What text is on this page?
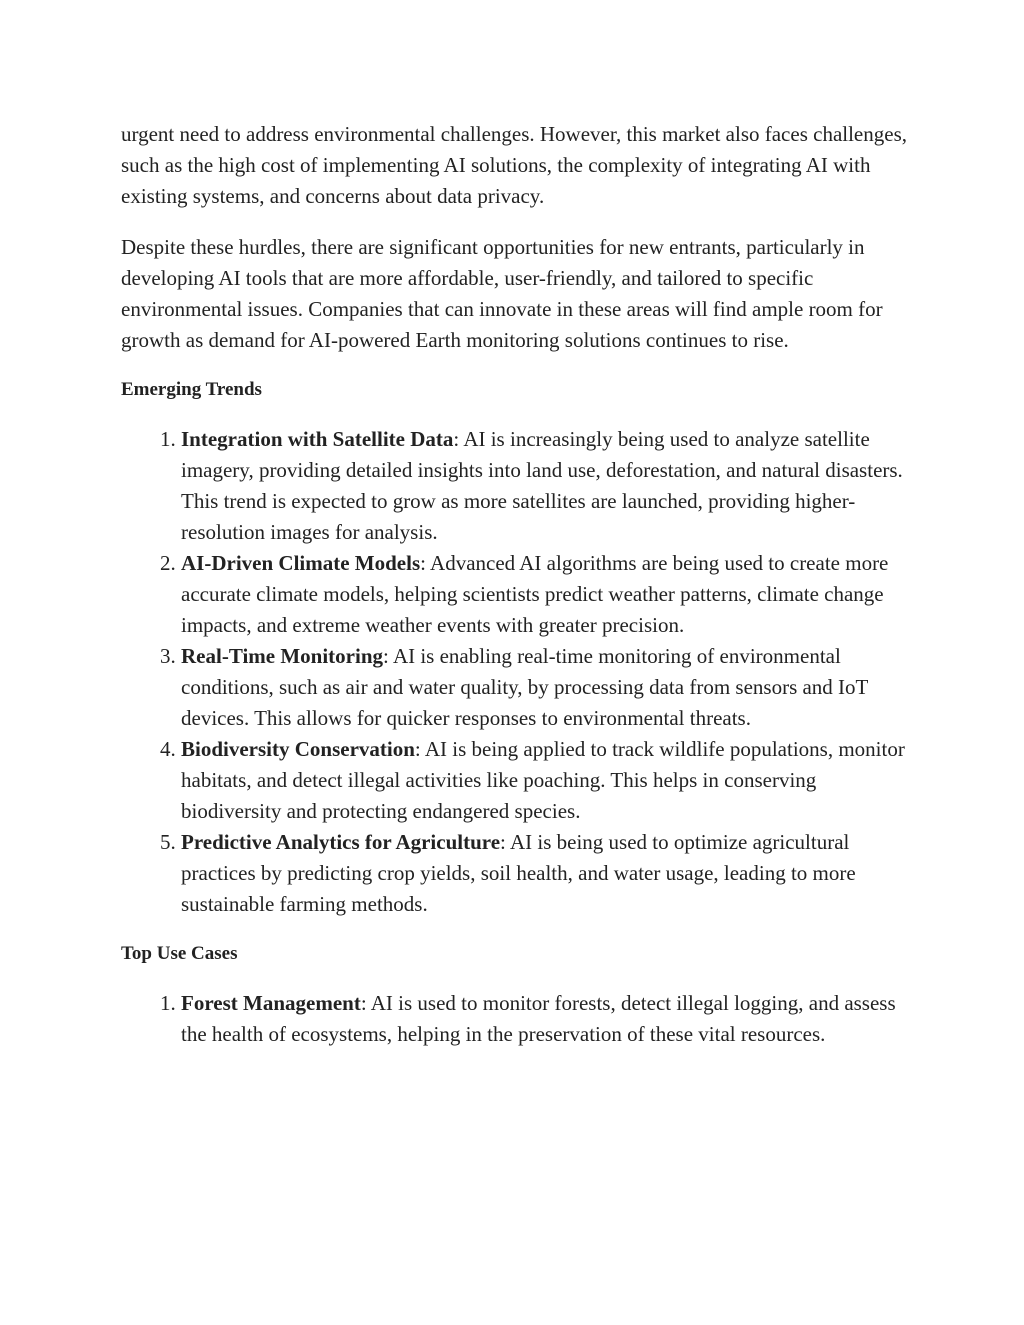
urgent need to address environmental challenges. However, this market also faces challenges, such as the high cost of implementing AI solutions, the complexity of integrating AI with existing systems, and concerns about data privacy.

Despite these hurdles, there are significant opportunities for new entrants, particularly in developing AI tools that are more affordable, user-friendly, and tailored to specific environmental issues. Companies that can innovate in these areas will find ample room for growth as demand for AI-powered Earth monitoring solutions continues to rise.

Emerging Trends
1. Integration with Satellite Data: AI is increasingly being used to analyze satellite imagery, providing detailed insights into land use, deforestation, and natural disasters. This trend is expected to grow as more satellites are launched, providing higher-resolution images for analysis.
2. AI-Driven Climate Models: Advanced AI algorithms are being used to create more accurate climate models, helping scientists predict weather patterns, climate change impacts, and extreme weather events with greater precision.
3. Real-Time Monitoring: AI is enabling real-time monitoring of environmental conditions, such as air and water quality, by processing data from sensors and IoT devices. This allows for quicker responses to environmental threats.
4. Biodiversity Conservation: AI is being applied to track wildlife populations, monitor habitats, and detect illegal activities like poaching. This helps in conserving biodiversity and protecting endangered species.
5. Predictive Analytics for Agriculture: AI is being used to optimize agricultural practices by predicting crop yields, soil health, and water usage, leading to more sustainable farming methods.
Top Use Cases
1. Forest Management: AI is used to monitor forests, detect illegal logging, and assess the health of ecosystems, helping in the preservation of these vital resources.
